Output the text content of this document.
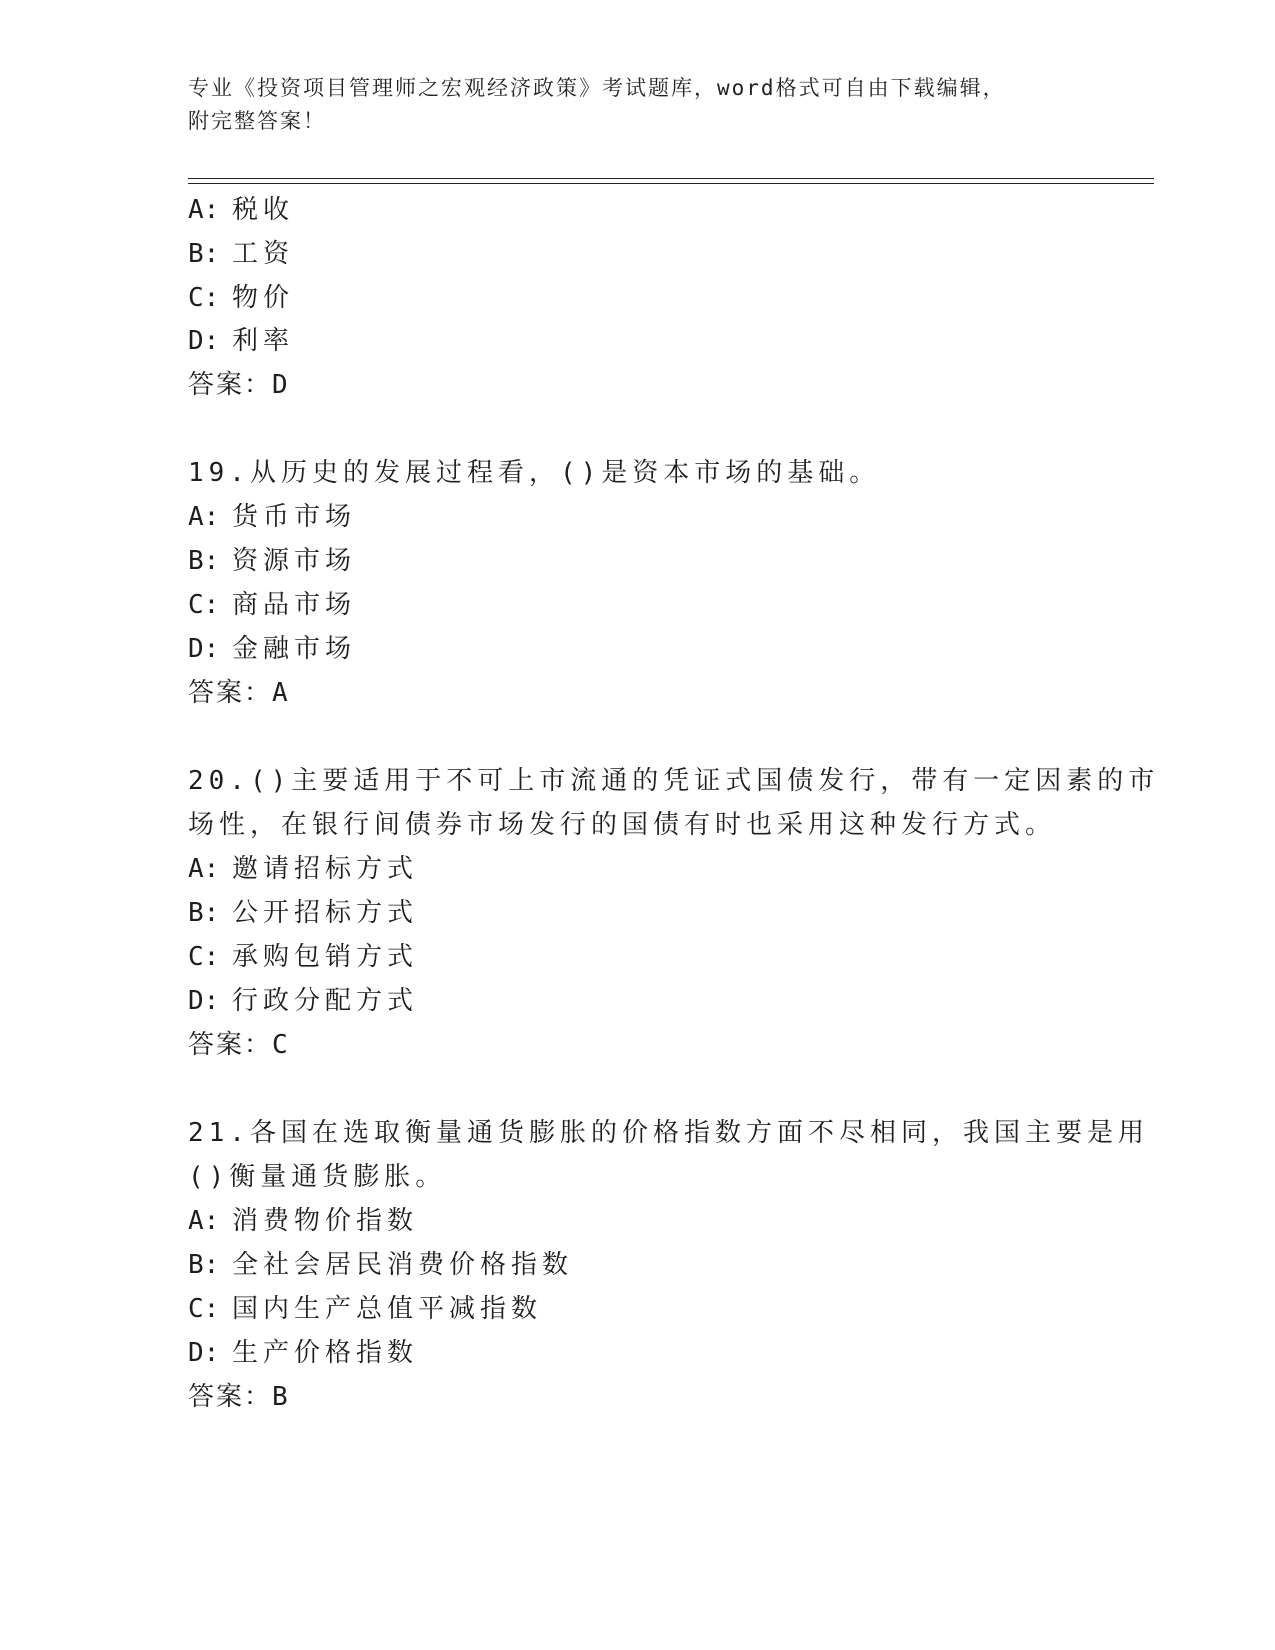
专业《投资项目管理师之宏观经济政策》考试题库，word格式可自由下载编辑，
附完整答案！
A: 税收
B: 工资
C: 物价
D: 利率
答案：D
19.从历史的发展过程看，()是资本市场的基础。
A: 货币市场
B: 资源市场
C: 商品市场
D: 金融市场
答案：A
20.()主要适用于不可上市流通的凭证式国债发行，带有一定因素的市
场性，在银行间债券市场发行的国债有时也采用这种发行方式。
A: 邀请招标方式
B: 公开招标方式
C: 承购包销方式
D: 行政分配方式
答案：C
21.各国在选取衡量通货膨胀的价格指数方面不尽相同，我国主要是用
()衡量通货膨胀。
A: 消费物价指数
B: 全社会居民消费价格指数
C: 国内生产总值平减指数
D: 生产价格指数
答案：B
